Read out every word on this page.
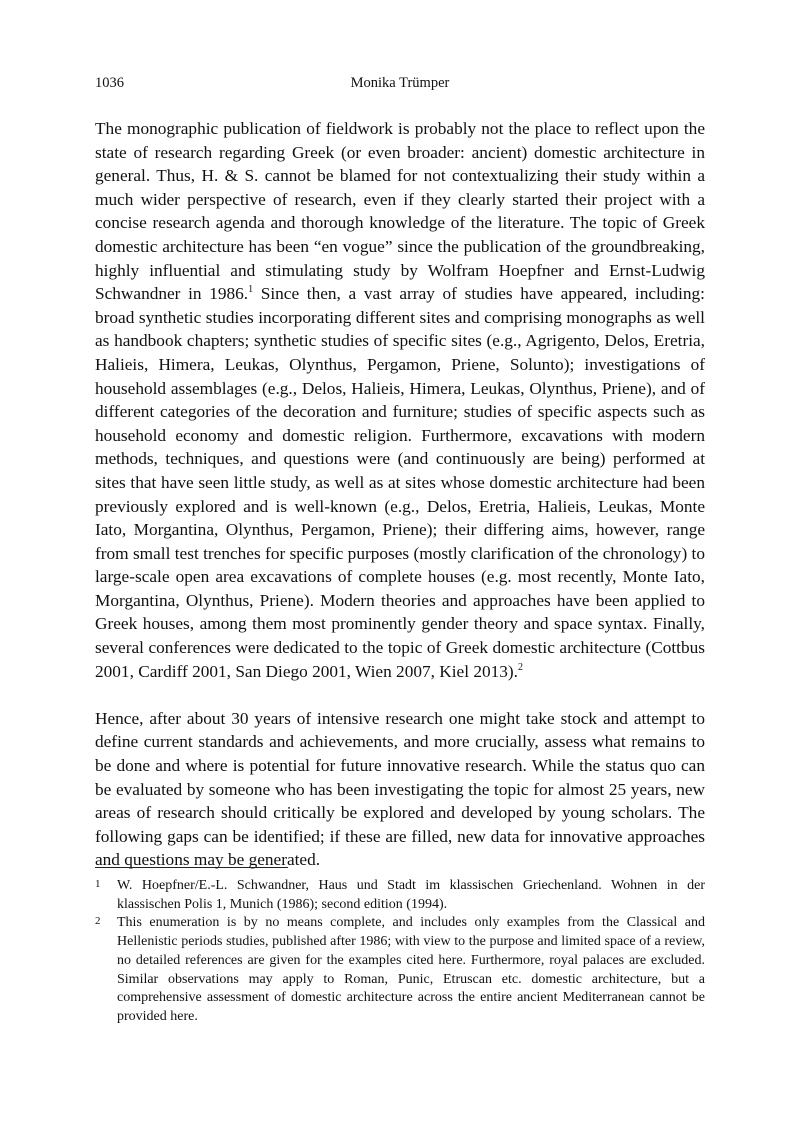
1036	Monika Trümper

The monographic publication of fieldwork is probably not the place to reflect upon the state of research regarding Greek (or even broader: ancient) domestic architecture in general. Thus, H. & S. cannot be blamed for not contextualizing their study within a much wider perspective of research, even if they clearly started their project with a concise research agenda and thorough knowledge of the literature. The topic of Greek domestic architecture has been “en vogue” since the publication of the groundbreaking, highly influential and stimulating study by Wolfram Hoepfner and Ernst-Ludwig Schwandner in 1986.$^1$ Since then, a vast array of studies have appeared, including: broad synthetic studies incorporating different sites and comprising monographs as well as handbook chapters; synthetic studies of specific sites (e.g., Agrigento, Delos, Eretria, Halieis, Himera, Leukas, Olynthus, Pergamon, Priene, Solunto); investigations of household assemblages (e.g., Delos, Halieis, Himera, Leukas, Olynthus, Priene), and of different categories of the decoration and furniture; studies of specific aspects such as household economy and domestic religion. Furthermore, excavations with modern methods, techniques, and questions were (and continuously are being) performed at sites that have seen little study, as well as at sites whose domestic architecture had been previously explored and is well-known (e.g., Delos, Eretria, Halieis, Leukas, Monte Iato, Morgantina, Olynthus, Pergamon, Priene); their differing aims, however, range from small test trenches for specific purposes (mostly clarification of the chronology) to large-scale open area excavations of complete houses (e.g. most recently, Monte Iato, Morgantina, Olynthus, Priene). Modern theories and approaches have been applied to Greek houses, among them most prominently gender theory and space syntax. Finally, several conferences were dedicated to the topic of Greek domestic architecture (Cottbus 2001, Cardiff 2001, San Diego 2001, Wien 2007, Kiel 2013).$^2$

Hence, after about 30 years of intensive research one might take stock and attempt to define current standards and achievements, and more crucially, assess what remains to be done and where is potential for future innovative research. While the status quo can be evaluated by someone who has been investigating the topic for almost 25 years, new areas of research should critically be explored and developed by young scholars. The following gaps can be identified; if these are filled, new data for innovative approaches and questions may be generated.

1 W. Hoepfner/E.-L. Schwandner, Haus und Stadt im klassischen Griechenland. Wohnen in der klassischen Polis 1, Munich (1986); second edition (1994).

2 This enumeration is by no means complete, and includes only examples from the Classical and Hellenistic periods studies, published after 1986; with view to the purpose and limited space of a review, no detailed references are given for the examples cited here. Furthermore, royal palaces are excluded. Similar observations may apply to Roman, Punic, Etruscan etc. domestic architecture, but a comprehensive assessment of domestic architecture across the entire ancient Mediterranean cannot be provided here.
